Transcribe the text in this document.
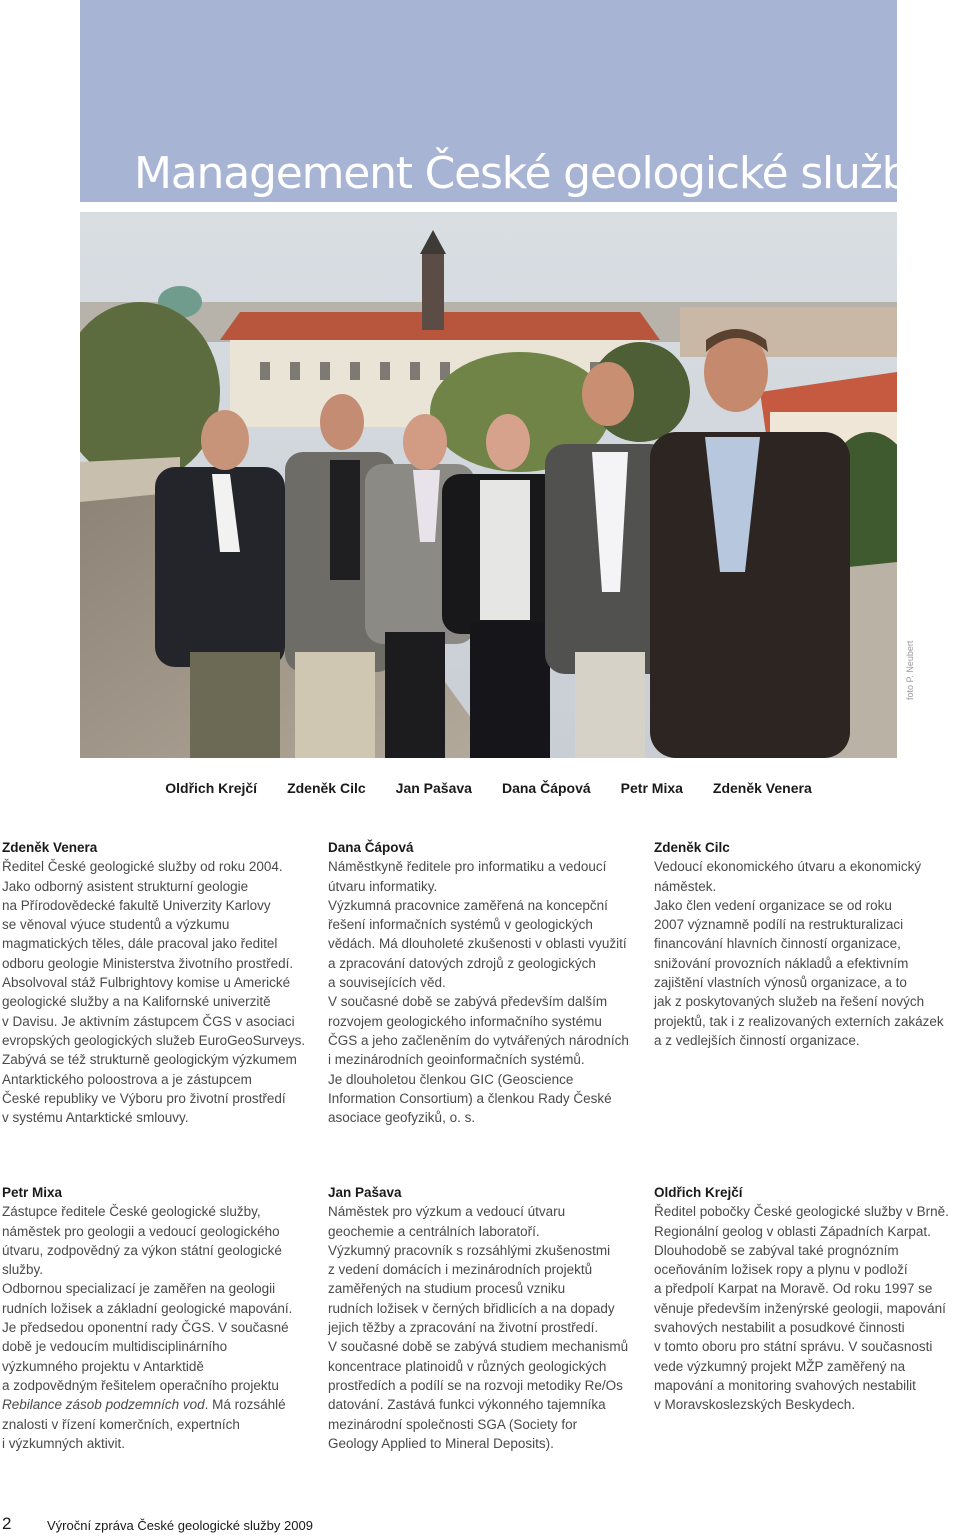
Management České geologické služby
foto P. Neubert
Oldřich Krejčí Zdeněk Cilc Jan Pašava Dana Čápová Petr Mixa Zdeněk Venera

Zdeněk Venera

Ředitel České geologické služby od roku 2004.

Jako odborný asistent strukturní geologie

na Přírodovědecké fakultě Univerzity Karlovy

se věnoval výuce studentů a výzkumu

magmatických těles, dále pracoval jako ředitel

odboru geologie Ministerstva životního prostředí.

Absolvoval stáž Fulbrightovy komise u Americké

geologické služby a na Kalifornské univerzitě

v Davisu. Je aktivním zástupcem ČGS v asociaci

evropských geologických služeb EuroGeoSurveys.

Zabývá se též strukturně geologickým výzkumem

Antarktického poloostrova a je zástupcem

České republiky ve Výboru pro životní prostředí

v systému Antarktické smlouvy.

Dana Čápová

Náměstkyně ředitele pro informatiku a vedoucí

útvaru informatiky.

Výzkumná pracovnice zaměřená na koncepční

řešení informačních systémů v geologických

vědách. Má dlouholeté zkušenosti v oblasti využití

a zpracování datových zdrojů z geologických

a souvisejících věd.

V současné době se zabývá především dalším

rozvojem geologického informačního systému

ČGS a jeho začleněním do vytvářených národních

i mezinárodních geoinformačních systémů.

Je dlouholetou členkou GIC (Geoscience

Information Consortium) a členkou Rady České

asociace geofyziků, o. s.

Zdeněk Cilc

Vedoucí ekonomického útvaru a ekonomický

náměstek.

Jako člen vedení organizace se od roku

2007 významně podílí na restrukturalizaci

financování hlavních činností organizace,

snižování provozních nákladů a efektivním

zajištění vlastních výnosů organizace, a to

jak z poskytovaných služeb na řešení nových

projektů, tak i z realizovaných externích zakázek

a z vedlejších činností organizace.

Petr Mixa

Zástupce ředitele České geologické služby,

náměstek pro geologii a vedoucí geologického

útvaru, zodpovědný za výkon státní geologické

služby.

Odbornou specializací je zaměřen na geologii

rudních ložisek a základní geologické mapování.

Je předsedou oponentní rady ČGS. V současné

době je vedoucím multidisciplinárního

výzkumného projektu v Antarktidě

a zodpovědným řešitelem operačního projektu

Rebilance zásob podzemních vod. Má rozsáhlé

znalosti v řízení komerčních, expertních

i výzkumných aktivit.

Jan Pašava

Náměstek pro výzkum a vedoucí útvaru

geochemie a centrálních laboratoří.

Výzkumný pracovník s rozsáhlými zkušenostmi

z vedení domácích i mezinárodních projektů

zaměřených na studium procesů vzniku

rudních ložisek v černých břidlicích a na dopady

jejich těžby a zpracování na životní prostředí.

V současné době se zabývá studiem mechanismů

koncentrace platinoidů v různých geologických

prostředích a podílí se na rozvoji metodiky Re/Os

datování. Zastává funkci výkonného tajemníka

mezinárodní společnosti SGA (Society for

Geology Applied to Mineral Deposits).

Oldřich Krejčí

Ředitel pobočky České geologické služby v Brně.

Regionální geolog v oblasti Západních Karpat.

Dlouhodobě se zabýval také prognózním

oceňováním ložisek ropy a plynu v podloží

a předpolí Karpat na Moravě. Od roku 1997 se

věnuje především inženýrské geologii, mapování

svahových nestabilit a posudkové činnosti

v tomto oboru pro státní správu. V současnosti

vede výzkumný projekt MŽP zaměřený na

mapování a monitoring svahových nestabilit

v Moravskoslezských Beskydech.

2	Výroční zpráva České geologické služby 2009
